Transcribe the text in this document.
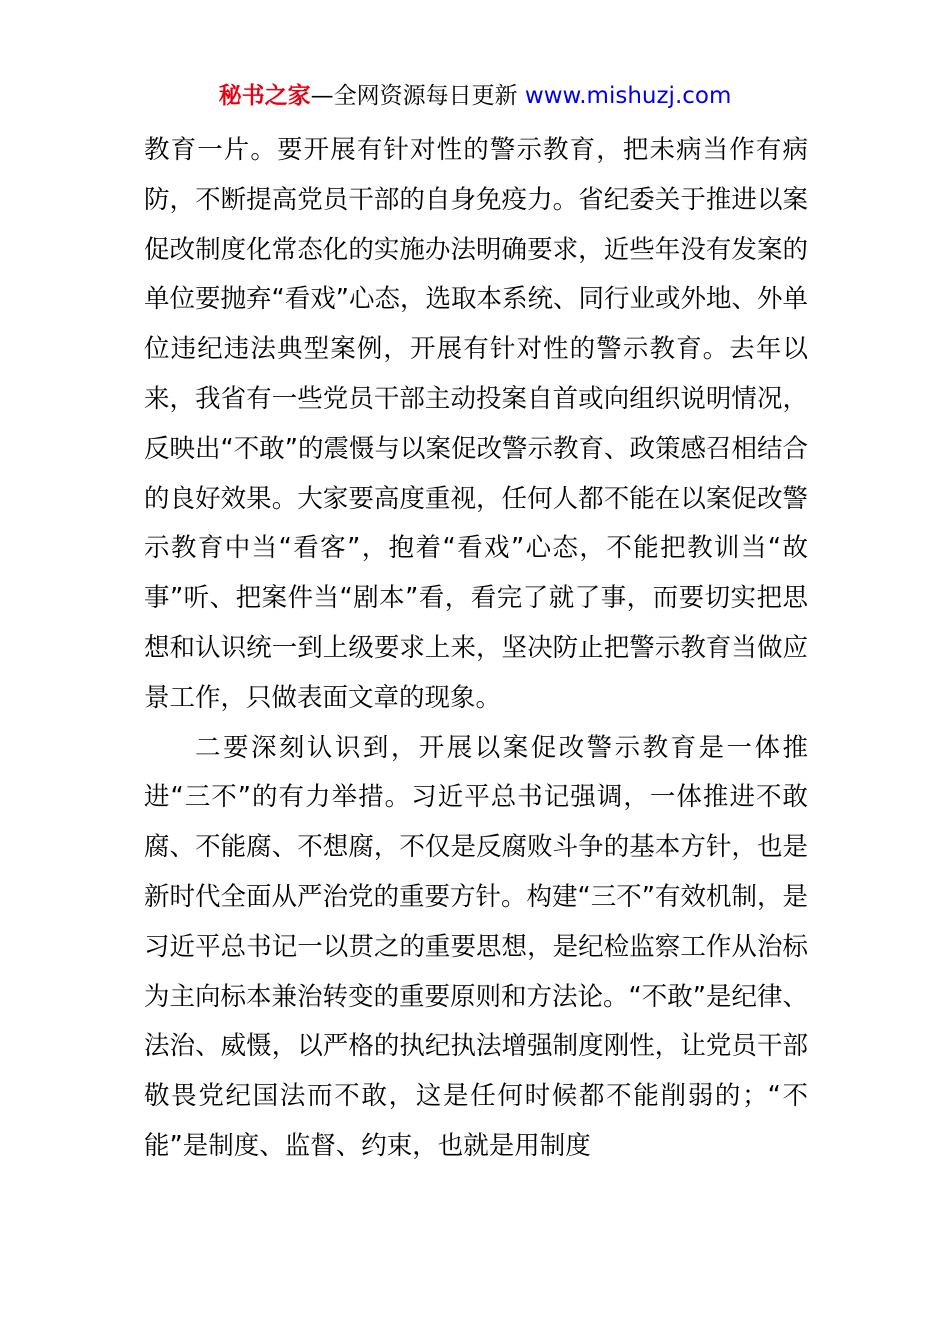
秘书之家—全网资源每日更新 www.mishuzj.com

教育一片。要开展有针对性的警示教育，把未病当作有病防，不断提高党员干部的自身免疫力。省纪委关于推进以案促改制度化常态化的实施办法明确要求，近些年没有发案的单位要抛弃“看戏”心态，选取本系统、同行业或外地、外单位违纪违法典型案例，开展有针对性的警示教育。去年以来，我省有一些党员干部主动投案自首或向组织说明情况，反映出“不敢”的震慑与以案促改警示教育、政策感召相结合的良好效果。大家要高度重视，任何人都不能在以案促改警示教育中当“看客”，抱着“看戏”心态，不能把教训当“故事”听、把案件当“剧本”看，看完了就了事，而要切实把思想和认识统一到上级要求上来，坚决防止把警示教育当做应景工作，只做表面文章的现象。

二要深刻认识到，开展以案促改警示教育是一体推进“三不”的有力举措。习近平总书记强调，一体推进不敢腐、不能腐、不想腐，不仅是反腐败斗争的基本方针，也是新时代全面从严治党的重要方针。构建“三不”有效机制，是习近平总书记一以贯之的重要思想，是纪检监察工作从治标为主向标本兼治转变的重要原则和方法论。“不敢”是纪律、法治、威慑，以严格的执纪执法增强制度刚性，让党员干部敬畏党纪国法而不敢，这是任何时候都不能削弱的；“不能”是制度、监督、约束，也就是用制度
